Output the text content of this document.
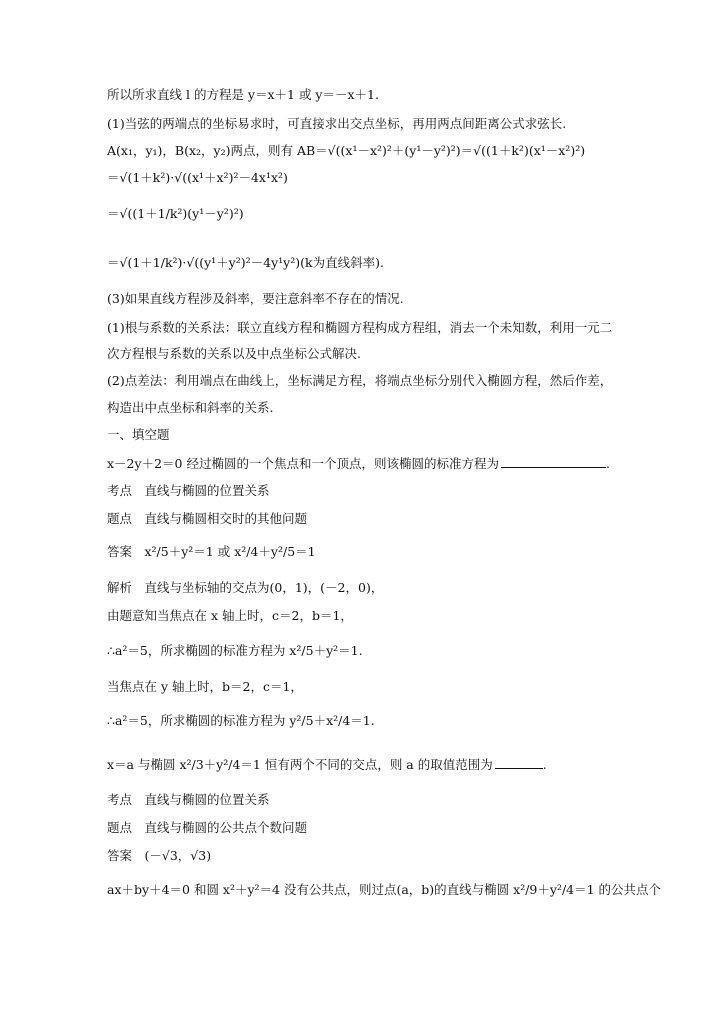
所以所求直线 l 的方程是 y＝x＋1 或 y＝－x＋1.
(1)当弦的两端点的坐标易求时，可直接求出交点坐标，再用两点间距离公式求弦长.
A(x₁，y₁)，B(x₂，y₂)两点，则有 AB＝√((x¹－x²)²＋(y¹－y²)²)＝√((1＋k²)(x¹－x²)²)
＝√(1＋k²)·√((x¹＋x²)²－4x¹x²)
＝√((1＋1/k²)(y¹－y²)²)
＝√(1＋1/k²)·√((y¹＋y²)²－4y¹y²)(k为直线斜率).
(3)如果直线方程涉及斜率，要注意斜率不存在的情况.
(1)根与系数的关系法：联立直线方程和椭圆方程构成方程组，消去一个未知数，利用一元二
次方程根与系数的关系以及中点坐标公式解决.
(2)点差法：利用端点在曲线上，坐标满足方程，将端点坐标分别代入椭圆方程，然后作差，
构造出中点坐标和斜率的关系.
一、填空题
x－2y＋2＝0 经过椭圆的一个焦点和一个顶点，则该椭圆的标准方程为	.
考点　直线与椭圆的位置关系
题点　直线与椭圆相交时的其他问题
答案　x²/5＋y²＝1 或 x²/4＋y²/5＝1
解析　直线与坐标轴的交点为(0，1)，(－2，0)，
由题意知当焦点在 x 轴上时，c＝2，b＝1，
∴a²＝5，所求椭圆的标准方程为 x²/5＋y²＝1.
当焦点在 y 轴上时，b＝2，c＝1，
∴a²＝5，所求椭圆的标准方程为 y²/5＋x²/4＝1.
x＝a 与椭圆 x²/3＋y²/4＝1 恒有两个不同的交点，则 a 的取值范围为	.
考点　直线与椭圆的位置关系
题点　直线与椭圆的公共点个数问题
答案　(－√3，√3)
ax＋by＋4＝0 和圆 x²＋y²＝4 没有公共点，则过点(a，b)的直线与椭圆 x²/9＋y²/4＝1 的公共点个
